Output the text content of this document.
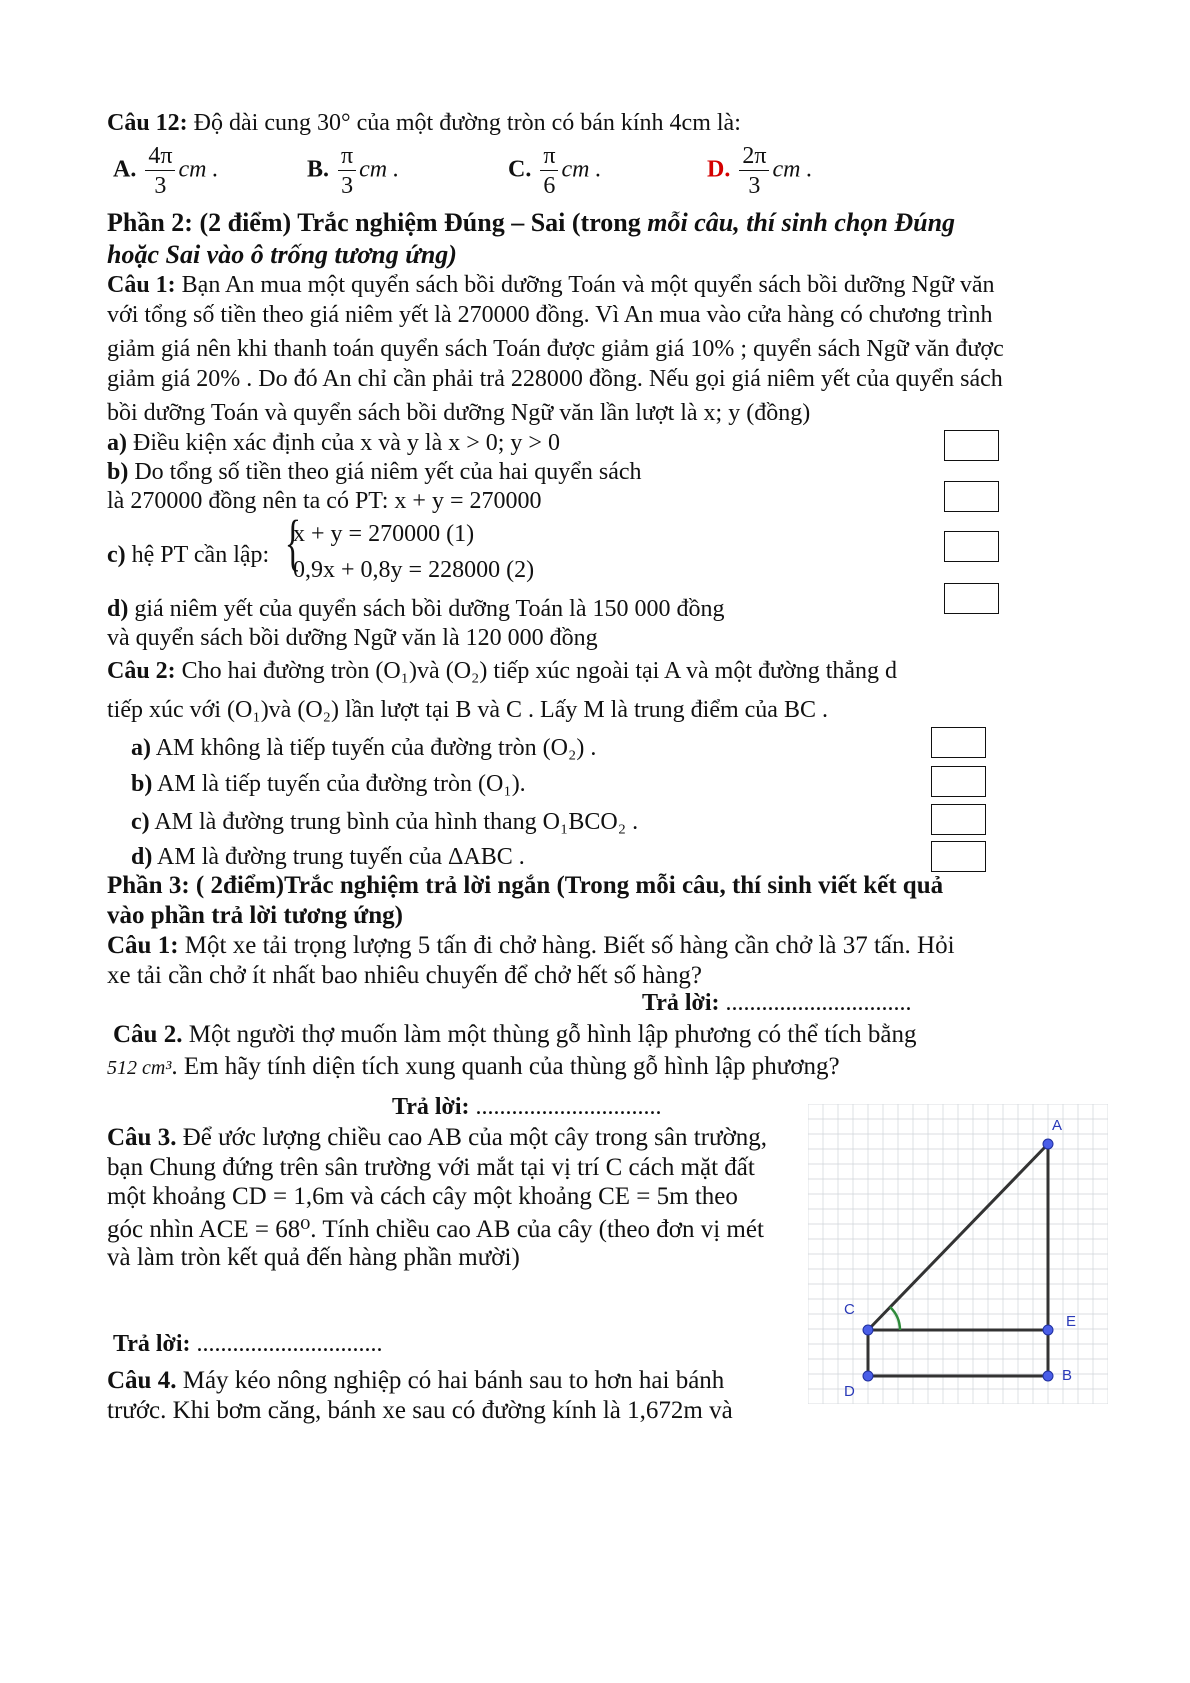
Câu 12: Độ dài cung 30° của một đường tròn có bán kính 4cm là:
A. $\frac{4\pi}{3}$ cm .	B. $\frac{\pi}{3}$ cm .	C. $\frac{\pi}{6}$ cm .	D. $\frac{2\pi}{3}$ cm .
Phần 2: (2 điểm) Trắc nghiệm Đúng – Sai (trong mỗi câu, thí sinh chọn Đúng
hoặc Sai vào ô trống tương ứng)
Câu 1: Bạn An mua một quyển sách bồi dưỡng Toán và một quyển sách bồi dưỡng Ngữ văn
với tổng số tiền theo giá niêm yết là 270000 đồng. Vì An mua vào cửa hàng có chương trình
giảm giá nên khi thanh toán quyển sách Toán được giảm giá 10% ; quyển sách Ngữ văn được
giảm giá 20% . Do đó An chỉ cần phải trả 228000 đồng. Nếu gọi giá niêm yết của quyển sách
bồi dưỡng Toán và quyển sách bồi dưỡng Ngữ văn lần lượt là x; y (đồng)
a) Điều kiện xác định của x và y là x > 0; y > 0
b) Do tổng số tiền theo giá niêm yết của hai quyển sách
là 270000 đồng nên ta có PT: x + y = 270000
c) hệ PT cần lập: {
x + y = 270000 (1)
0,9x + 0,8y = 228000 (2)
d) giá niêm yết của quyển sách bồi dưỡng Toán là 150 000 đồng
và quyển sách bồi dưỡng Ngữ văn là 120 000 đồng
Câu 2: Cho hai đường tròn (O₁)và (O₂) tiếp xúc ngoài tại A và một đường thẳng d
tiếp xúc với (O₁)và (O₂) lần lượt tại B và C . Lấy M là trung điểm của BC .
a) AM không là tiếp tuyến của đường tròn (O₂) .
b) AM là tiếp tuyến của đường tròn (O₁).
c) AM là đường trung bình của hình thang O₁BCO₂ .
d) AM là đường trung tuyến của ΔABC .
Phần 3: ( 2điểm)Trắc nghiệm trả lời ngắn (Trong mỗi câu, thí sinh viết kết quả
vào phần trả lời tương ứng)
Câu 1: Một xe tải trọng lượng 5 tấn đi chở hàng. Biết số hàng cần chở là 37 tấn. Hỏi
xe tải cần chở ít nhất bao nhiêu chuyến để chở hết số hàng?
Trả lời: ...............................
Câu 2. Một người thợ muốn làm một thùng gỗ hình lập phương có thể tích bằng
512 cm³. Em hãy tính diện tích xung quanh của thùng gỗ hình lập phương?
Trả lời: ...............................
Câu 3. Để ước lượng chiều cao AB của một cây trong sân trường,
bạn Chung đứng trên sân trường với mắt tại vị trí C cách mặt đất
một khoảng CD = 1,6m và cách cây một khoảng CE = 5m theo
góc nhìn ACE = 68⁰. Tính chiều cao AB của cây (theo đơn vị mét
và làm tròn kết quả đến hàng phần mười)
Trả lời: ...............................
Câu 4. Máy kéo nông nghiệp có hai bánh sau to hơn hai bánh
trước. Khi bơm căng, bánh xe sau có đường kính là 1,672m và
A
C
E
D
B
